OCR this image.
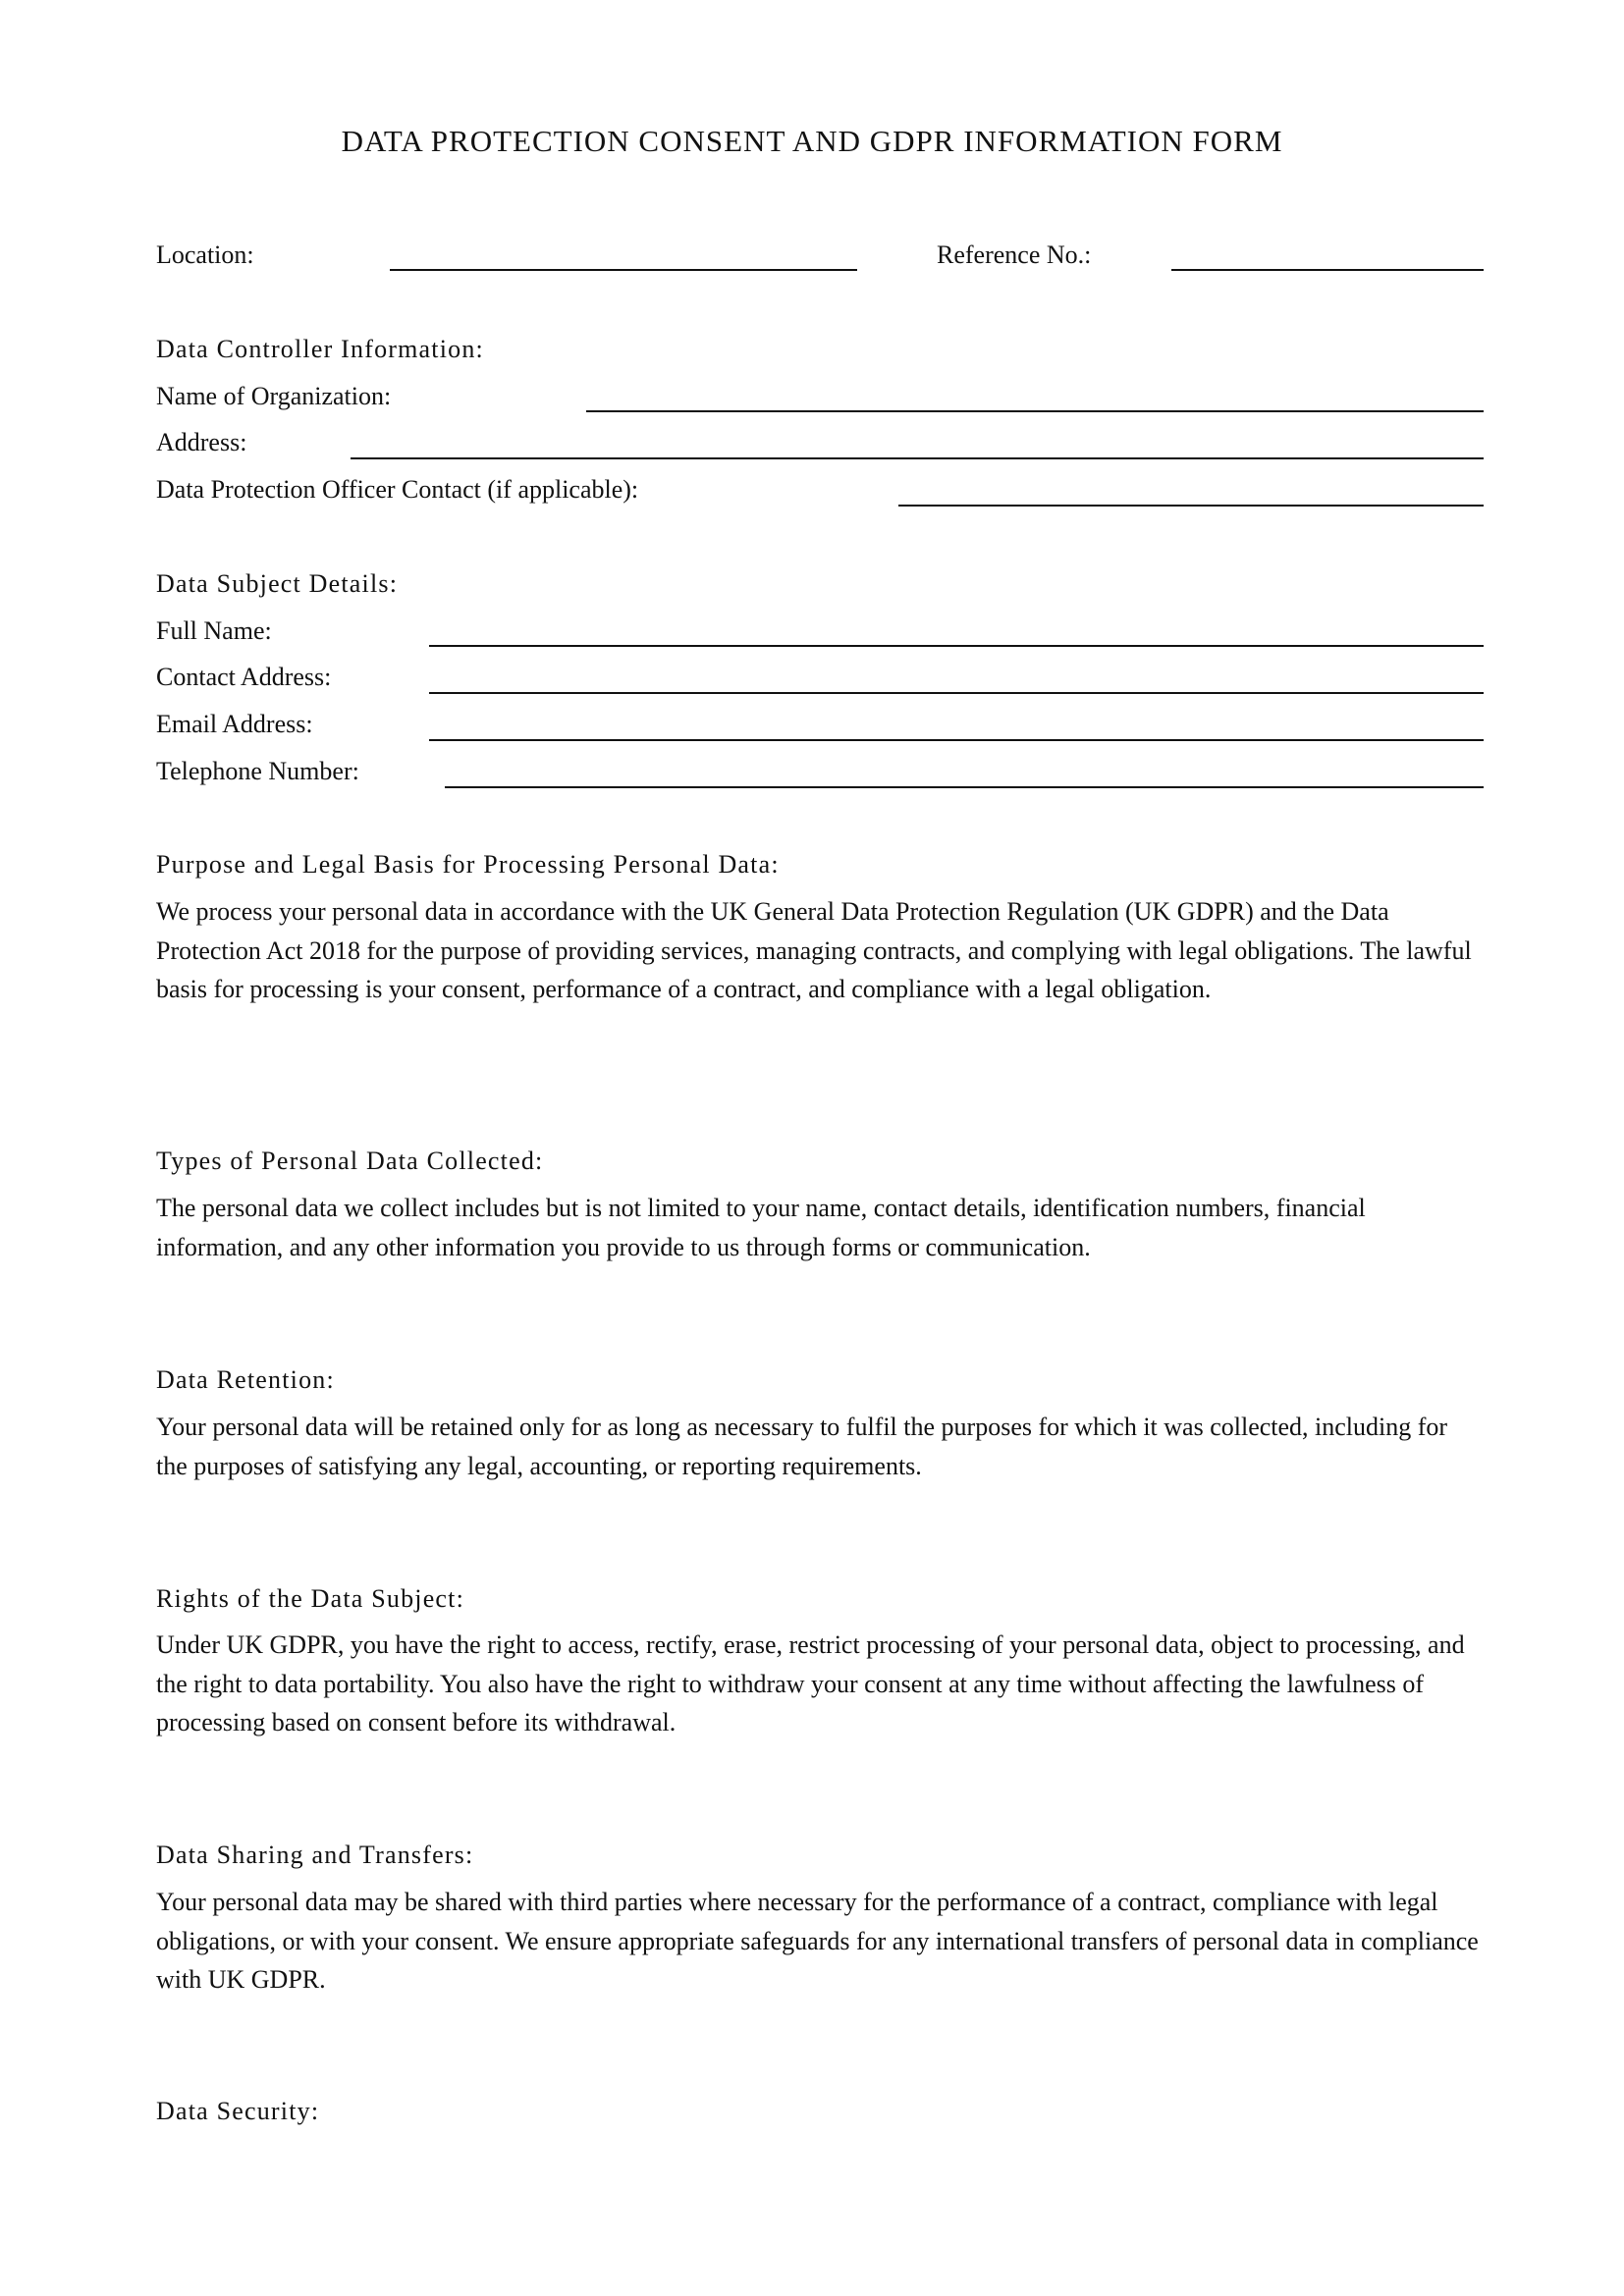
DATA PROTECTION CONSENT AND GDPR INFORMATION FORM
Location:	Reference No.:
Data Controller Information:
Name of Organization:
Address:
Data Protection Officer Contact (if applicable):
Data Subject Details:
Full Name:
Contact Address:
Email Address:
Telephone Number:
Purpose and Legal Basis for Processing Personal Data:
We process your personal data in accordance with the UK General Data Protection Regulation (UK GDPR) and the Data Protection Act 2018 for the purpose of providing services, managing contracts, and complying with legal obligations. The lawful basis for processing is your consent, performance of a contract, and compliance with a legal obligation.
Types of Personal Data Collected:
The personal data we collect includes but is not limited to your name, contact details, identification numbers, financial information, and any other information you provide to us through forms or communication.
Data Retention:
Your personal data will be retained only for as long as necessary to fulfil the purposes for which it was collected, including for the purposes of satisfying any legal, accounting, or reporting requirements.
Rights of the Data Subject:
Under UK GDPR, you have the right to access, rectify, erase, restrict processing of your personal data, object to processing, and the right to data portability. You also have the right to withdraw your consent at any time without affecting the lawfulness of processing based on consent before its withdrawal.
Data Sharing and Transfers:
Your personal data may be shared with third parties where necessary for the performance of a contract, compliance with legal obligations, or with your consent. We ensure appropriate safeguards for any international transfers of personal data in compliance with UK GDPR.
Data Security:
